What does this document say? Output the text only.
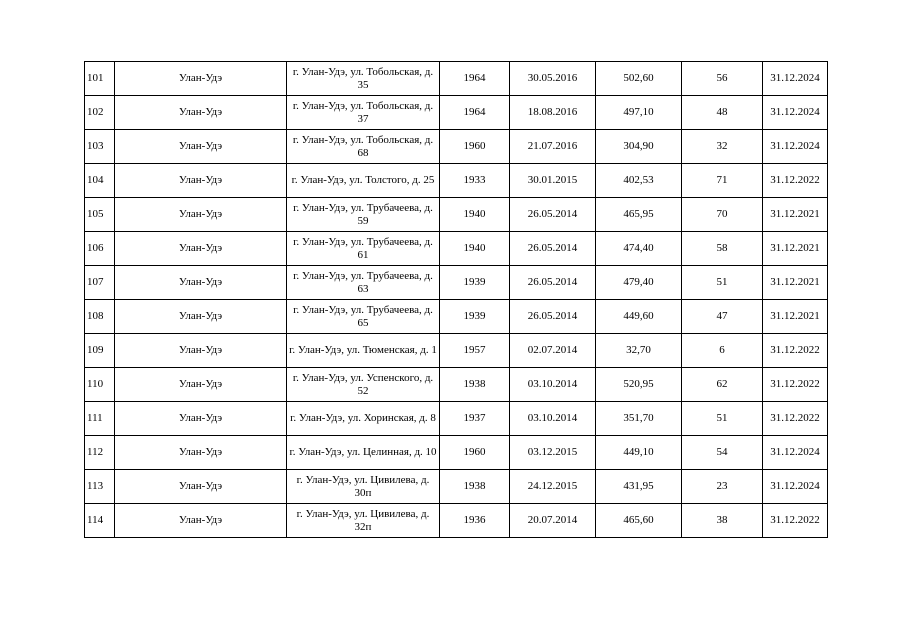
101	Улан-Удэ	г. Улан-Удэ, ул. Тобольская, д. 35	1964	30.05.2016	502,60	56	31.12.2024
102	Улан-Удэ	г. Улан-Удэ, ул. Тобольская, д. 37	1964	18.08.2016	497,10	48	31.12.2024
103	Улан-Удэ	г. Улан-Удэ, ул. Тобольская, д. 68	1960	21.07.2016	304,90	32	31.12.2024
104	Улан-Удэ	г. Улан-Удэ, ул. Толстого, д. 25	1933	30.01.2015	402,53	71	31.12.2022
105	Улан-Удэ	г. Улан-Удэ, ул. Трубачеева, д. 59	1940	26.05.2014	465,95	70	31.12.2021
106	Улан-Удэ	г. Улан-Удэ, ул. Трубачеева, д. 61	1940	26.05.2014	474,40	58	31.12.2021
107	Улан-Удэ	г. Улан-Удэ, ул. Трубачеева, д. 63	1939	26.05.2014	479,40	51	31.12.2021
108	Улан-Удэ	г. Улан-Удэ, ул. Трубачеева, д. 65	1939	26.05.2014	449,60	47	31.12.2021
109	Улан-Удэ	г. Улан-Удэ, ул. Тюменская, д. 1	1957	02.07.2014	32,70	6	31.12.2022
110	Улан-Удэ	г. Улан-Удэ, ул. Успенского, д. 52	1938	03.10.2014	520,95	62	31.12.2022
111	Улан-Удэ	г. Улан-Удэ, ул. Хоринская, д. 8	1937	03.10.2014	351,70	51	31.12.2022
112	Улан-Удэ	г. Улан-Удэ, ул. Целинная, д. 10	1960	03.12.2015	449,10	54	31.12.2024
113	Улан-Удэ	г. Улан-Удэ, ул. Цивилева, д. 30п	1938	24.12.2015	431,95	23	31.12.2024
114	Улан-Удэ	г. Улан-Удэ, ул. Цивилева, д. 32п	1936	20.07.2014	465,60	38	31.12.2022
